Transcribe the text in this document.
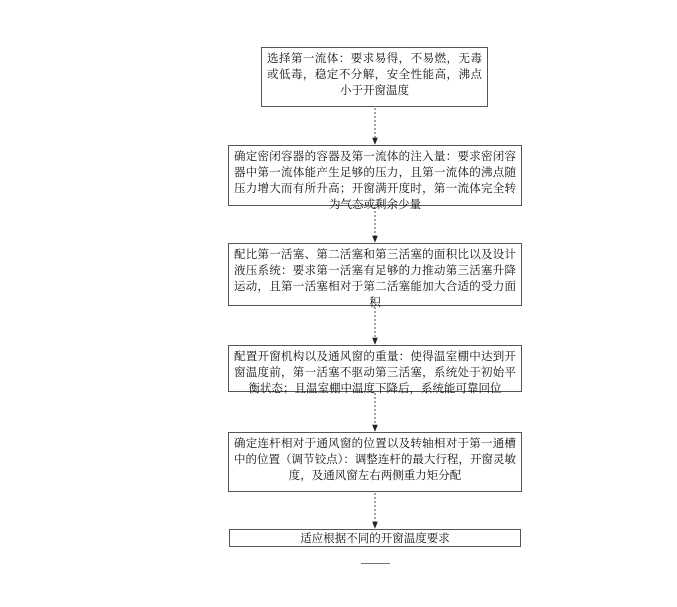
选择第一流体：要求易得，不易燃，无毒或低毒，稳定不分解，安全性能高，沸点小于开窗温度
确定密闭容器的容器及第一流体的注入量：要求密闭容器中第一流体能产生足够的压力，且第一流体的沸点随压力增大而有所升高；开窗满开度时，第一流体完全转为气态或剩余少量
配比第一活塞、第二活塞和第三活塞的面积比以及设计液压系统：要求第一活塞有足够的力推动第三活塞升降运动，且第一活塞相对于第二活塞能加大合适的受力面积
配置开窗机构以及通风窗的重量：使得温室棚中达到开窗温度前，第一活塞不驱动第三活塞，系统处于初始平衡状态；且温室棚中温度下降后，系统能可靠回位
确定连杆相对于通风窗的位置以及转轴相对于第一通槽中的位置（调节铰点）：调整连杆的最大行程，开窗灵敏度，及通风窗左右两侧重力矩分配
适应根据不同的开窗温度要求
